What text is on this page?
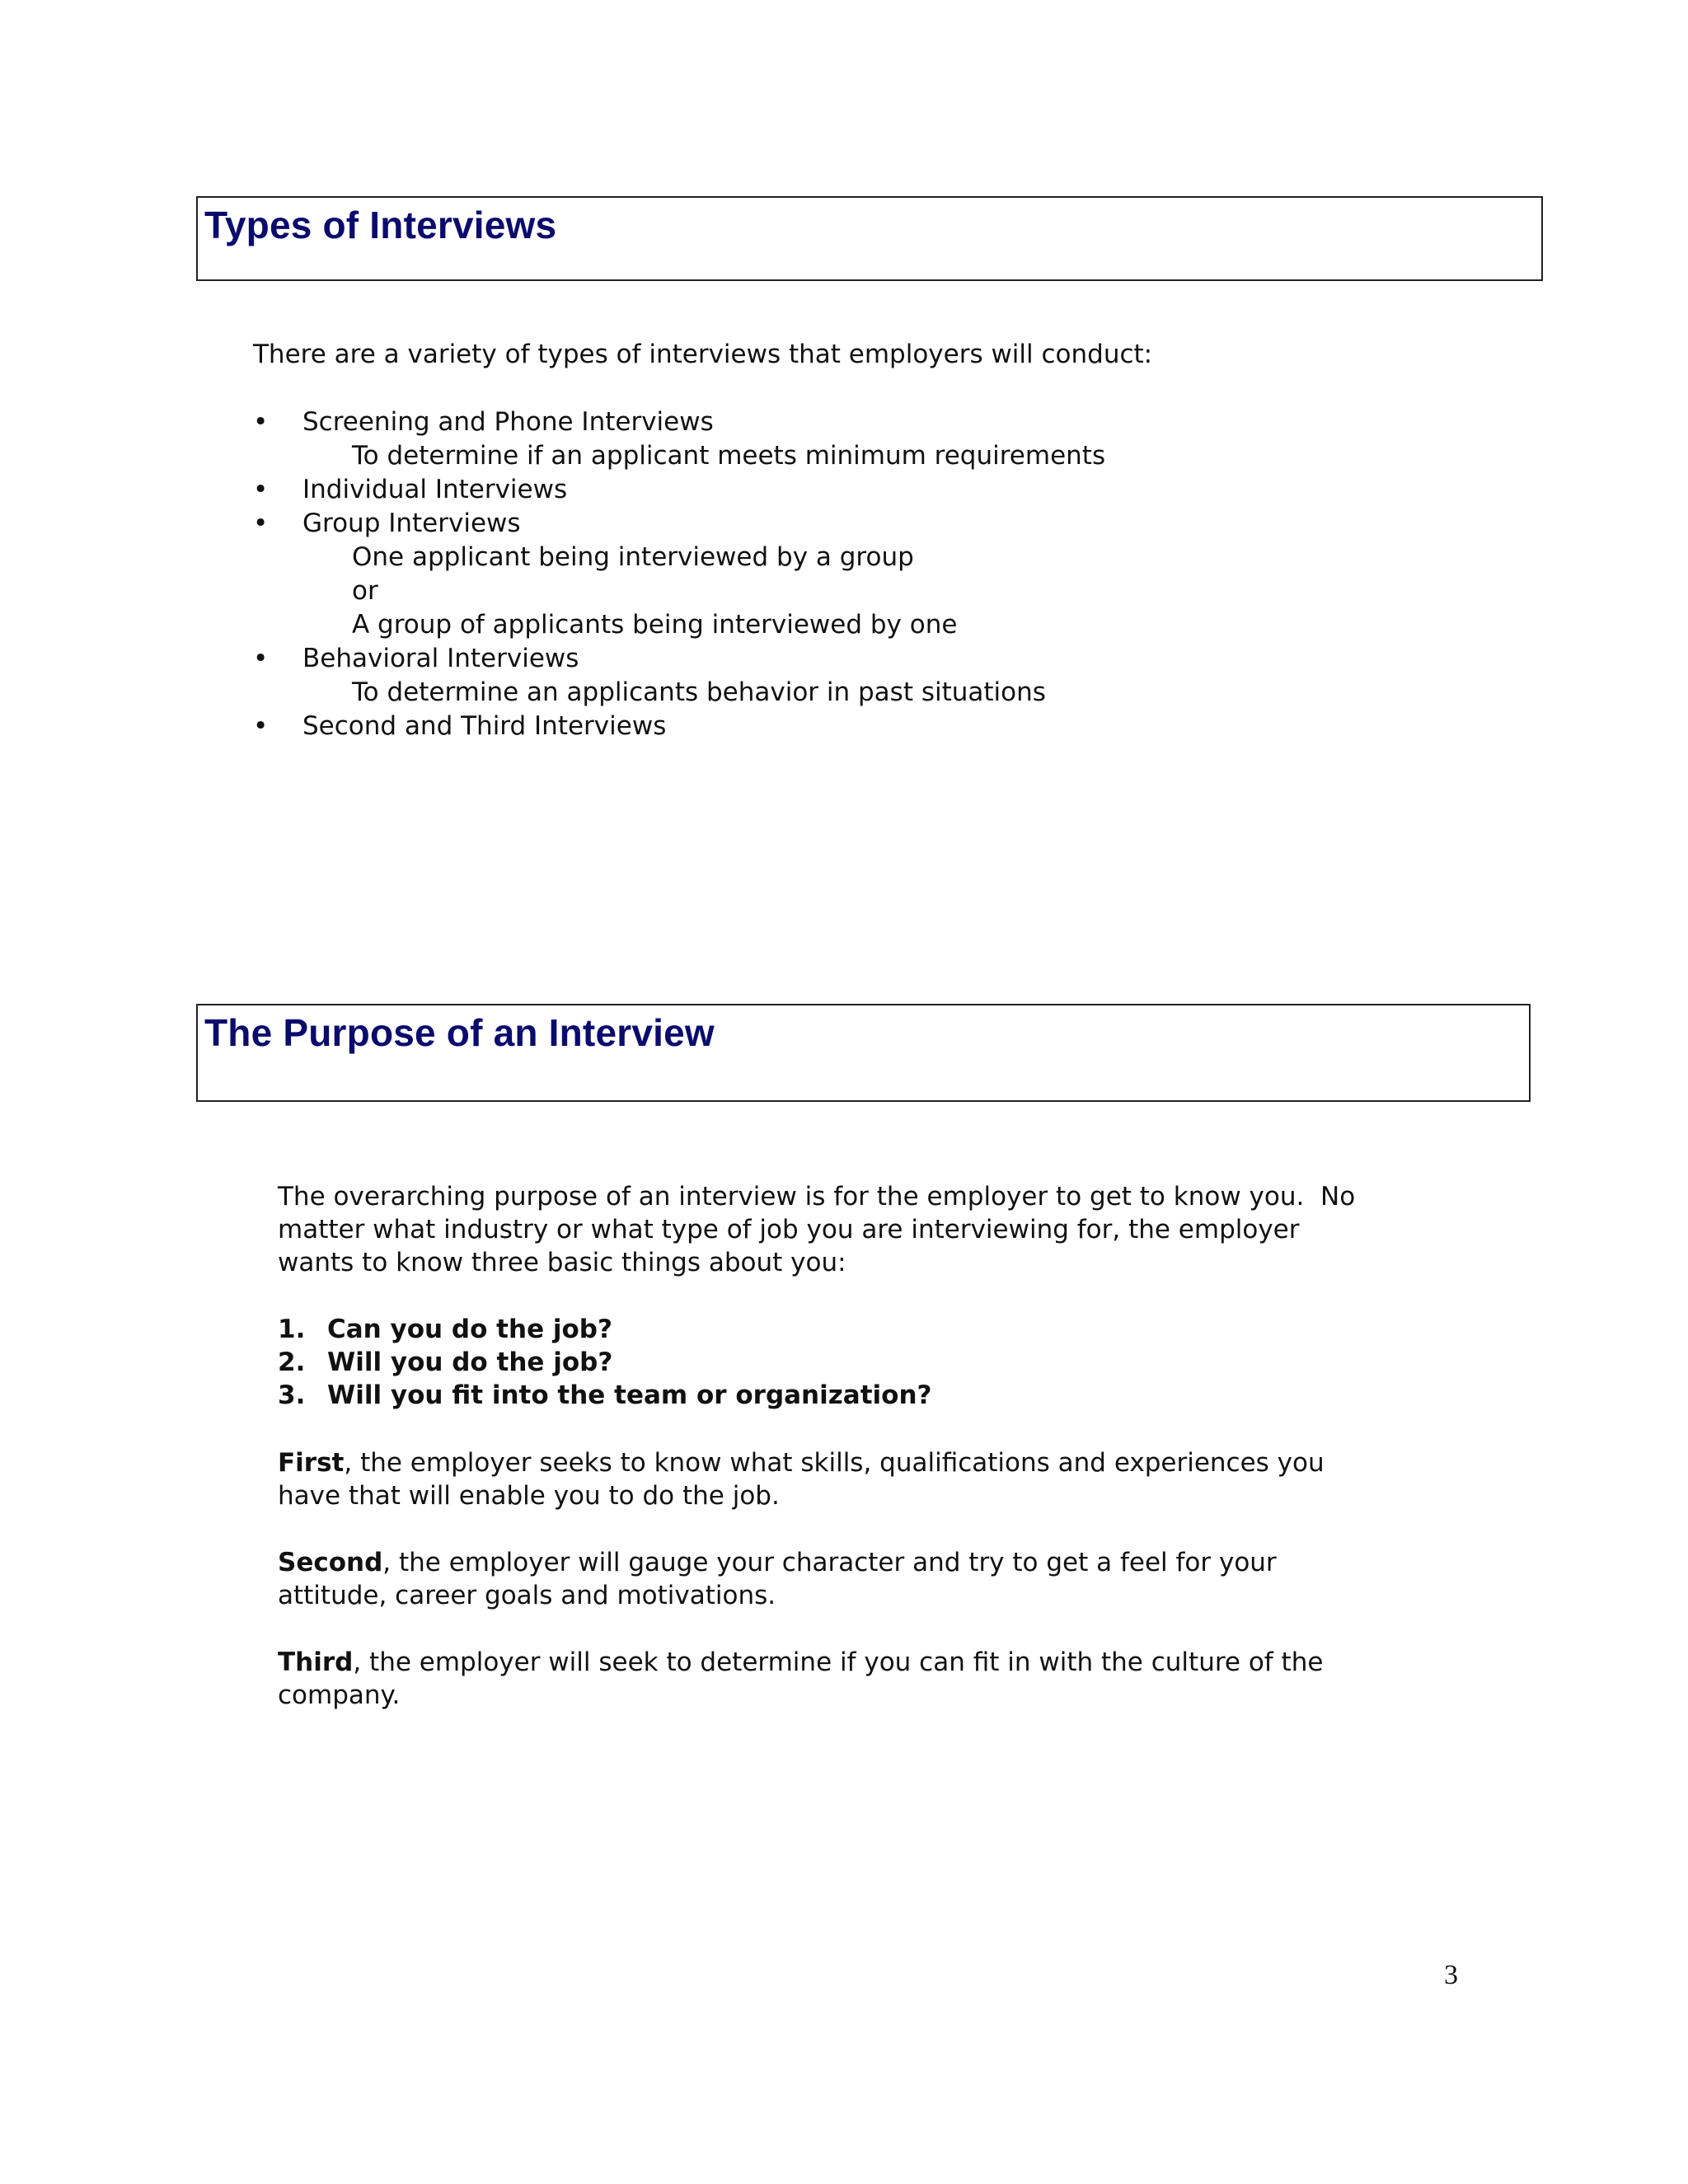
Types of Interviews

There are a variety of types of interviews that employers will conduct:

•	Screening and Phone Interviews
To determine if an applicant meets minimum requirements
•	Individual Interviews
•	Group Interviews
One applicant being interviewed by a group
or
A group of applicants being interviewed by one
•	Behavioral Interviews
To determine an applicants behavior in past situations
•	Second and Third Interviews
The Purpose of an Interview

The overarching purpose of an interview is for the employer to get to know you.  No matter what industry or what type of job you are interviewing for, the employer wants to know three basic things about you:

1. Can you do the job?
2. Will you do the job?
3. Will you fit into the team or organization?

First, the employer seeks to know what skills, qualifications and experiences you have that will enable you to do the job.

Second, the employer will gauge your character and try to get a feel for your attitude, career goals and motivations.

Third, the employer will seek to determine if you can fit in with the culture of the company.

3
